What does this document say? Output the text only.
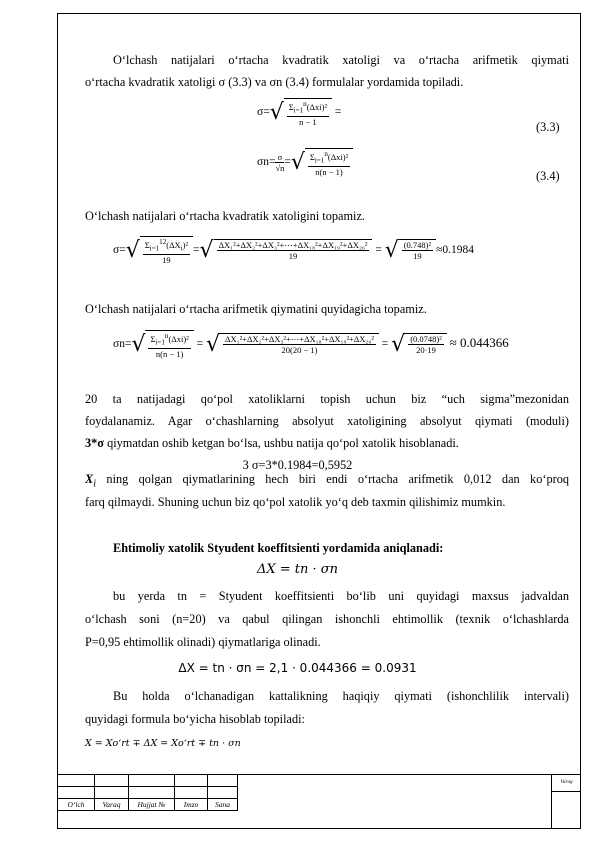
O‘lchash natijalari o‘rtacha kvadratik xatoligi va o‘rtacha arifmetik qiymati
o‘rtacha kvadratik xatoligi σ (3.3) va σn (3.4) formulalar yordamida topiladi.
$\sigma=√ \frac{\Sigma_{i=1}^n(\Delta xi)^2}{n - 1}$ =
(3.3)
$\sigma n= \frac{\sigma}{√n}$ =√ $\frac{\Sigma_{i=1}^n(\Delta xi)^2}{n(n - 1)}$	(3.4)
O‘lchash natijalari o‘rtacha kvadratik xatoligini topamiz.
$\sigma=√ \frac{\Sigma_{i=1}^{12}(\Delta X_i)^2}{19}$ =√ $\frac{\text{ΔX₁²+ΔX₂²+ΔX₃²+⋯+ΔX₁₈²+ΔX₁₉²+ΔX₂₀²}}{19}$ = √ $\frac{\text{(0.748)²}}{19} \approx 0.1984$
O‘lchash natijalari o‘rtacha arifmetik qiymatini quyidagicha topamiz.
$\sigma n=√ \frac{\Sigma_{i=1}^n(\Delta xi)^2}{n(n - 1)}$ = √ $\frac{\text{ΔX₁²+ΔX₂²+ΔX₃²+⋯+ΔX₁₈²+ΔX₁₉²+ΔX₂₀²}}{20(20 - 1)}$ = √ $\frac{\text{(0.0748)²}}{20\cdot 19} \approx 0.044366$
20 ta natijadagi qo‘pol xatoliklarni topish uchun biz “uch sigma”mezonidan
foydalanamiz. Agar o‘chashlarning absolyut xatoligining absolyut qiymati (moduli)
3*σ qiymatdan oshib ketgan bo‘lsa, ushbu natija qo‘pol xatolik hisoblanadi.
3 σ=3*0.1984=0,5952
$X_i$ ning qolgan qiymatlarining hech biri endi o‘rtacha arifmetik 0,012 dan ko‘proq
farq qilmaydi. Shuning uchun biz qo‘pol xatolik yo‘q deb taxmin qilishimiz mumkin.
Ehtimoliy xatolik Styudent koeffitsienti yordamida aniqlanadi:
ΔX = tn · σn
bu yerda tn = Styudent koeffitsienti bo‘lib uni quyidagi maxsus jadvaldan
o‘lchash soni (n=20) va qabul qilingan ishonchli ehtimollik (texnik o‘lchashlarda
P=0,95 ehtimollik olinadi) qiymatlariga olinadi.
ΔX = tn · σn = 2,1 · 0.044366 = 0.0931
Bu holda o‘lchanadigan kattalikning haqiqiy qiymati (ishonchlilik intervali)
quyidagi formula bo‘yicha hisoblab topiladi:
X = Xo‘rt ∓ ΔX = Xo‘rt ∓ tn · σn

O‘lch	Varaq	Hujjat №	Imzo	Sana
Varaq
